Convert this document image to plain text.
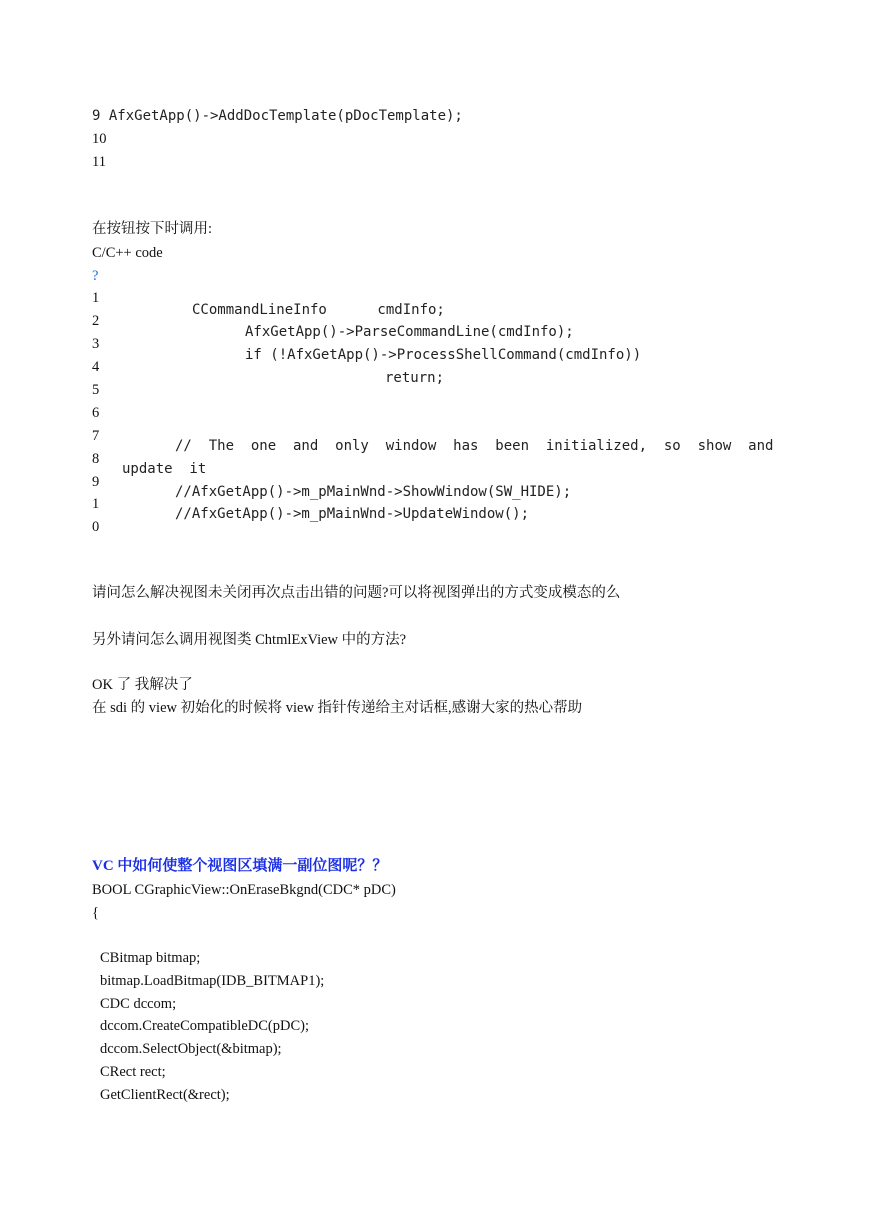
9 AfxGetApp()->AddDocTemplate(pDocTemplate);
10
11
在按钮按下时调用:
C/C++ code
?
1
2
3
4
5
6
7
8
9
1
0
CCommandLineInfo      cmdInfo;
AfxGetApp()->ParseCommandLine(cmdInfo);
if (!AfxGetApp()->ProcessShellCommand(cmdInfo))
return;
//  The  one  and  only  window  has  been  initialized,  so  show  and
update  it
//AfxGetApp()->m_pMainWnd->ShowWindow(SW_HIDE);
//AfxGetApp()->m_pMainWnd->UpdateWindow();
请问怎么解决视图未关闭再次点击出错的问题?可以将视图弹出的方式变成模态的么
另外请问怎么调用视图类 ChtmlExView 中的方法?
OK 了 我解决了
在 sdi 的 view 初始化的时候将 view 指针传递给主对话框,感谢大家的热心帮助
VC 中如何使整个视图区填满一副位图呢？？
BOOL CGraphicView::OnEraseBkgnd(CDC* pDC)
{
CBitmap bitmap;
bitmap.LoadBitmap(IDB_BITMAP1);
CDC dccom;
dccom.CreateCompatibleDC(pDC);
dccom.SelectObject(&bitmap);
CRect rect;
GetClientRect(&rect);
